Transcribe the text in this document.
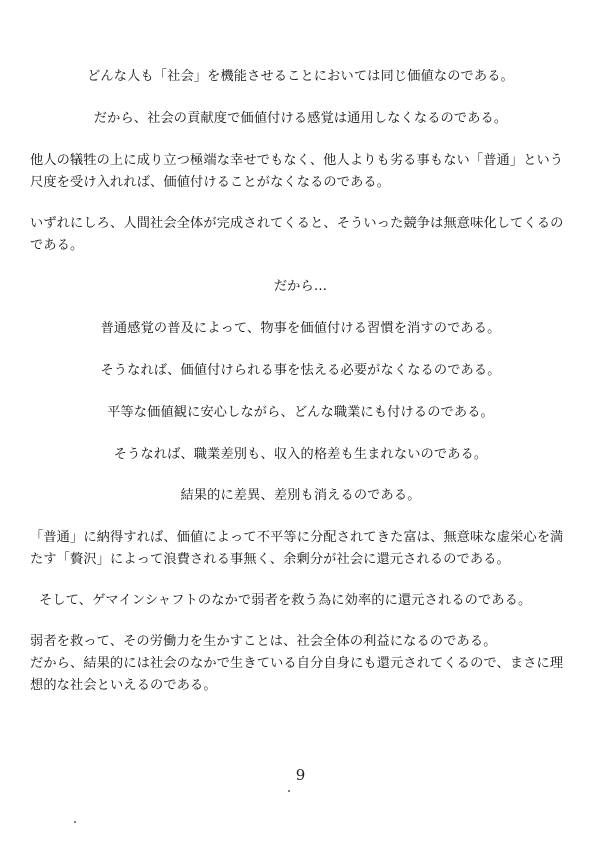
どんな人も「社会」を機能させることにおいては同じ価値なのである。
だから、社会の貢献度で価値付ける感覚は通用しなくなるのである。
他人の犠牲の上に成り立つ極端な幸せでもなく、他人よりも劣る事もない「普通」という
尺度を受け入れれば、価値付けることがなくなるのである。
いずれにしろ、人間社会全体が完成されてくると、そういった競争は無意味化してくるの
である。
だから…
普通感覚の普及によって、物事を価値付ける習慣を消すのである。
そうなれば、価値付けられる事を怯える必要がなくなるのである。
平等な価値観に安心しながら、どんな職業にも付けるのである。
そうなれば、職業差別も、収入的格差も生まれないのである。
結果的に差異、差別も消えるのである。
「普通」に納得すれば、価値によって不平等に分配されてきた富は、無意味な虚栄心を満
たす「贅沢」によって浪費される事無く、余剰分が社会に還元されるのである。
そして、ゲマインシャフトのなかで弱者を救う為に効率的に還元されるのである。
弱者を救って、その労働力を生かすことは、社会全体の利益になるのである。
だから、結果的には社会のなかで生きている自分自身にも還元されてくるので、まさに理
想的な社会といえるのである。
9
